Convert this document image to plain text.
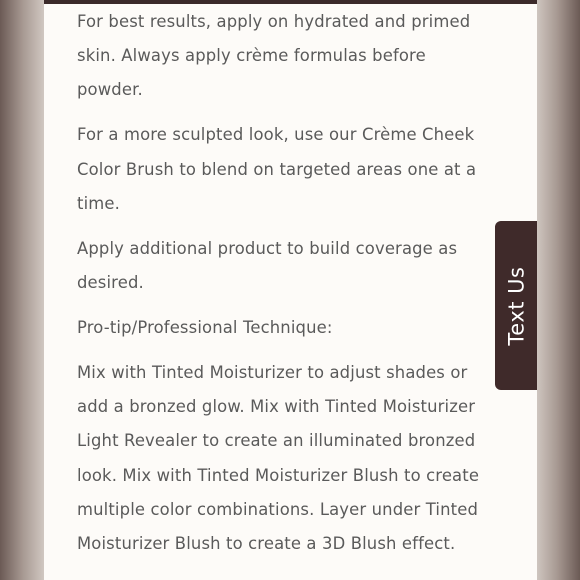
For best results, apply on hydrated and primed skin. Always apply crème formulas before powder.

For a more sculpted look, use our Crème Cheek Color Brush to blend on targeted areas one at a time.

Apply additional product to build coverage as desired.

Pro-tip/Professional Technique:

Mix with Tinted Moisturizer to adjust shades or add a bronzed glow. Mix with Tinted Moisturizer Light Revealer to create an illuminated bronzed look. Mix with Tinted Moisturizer Blush to create multiple color combinations. Layer under Tinted Moisturizer Blush to create a 3D Blush effect.

Text Us
